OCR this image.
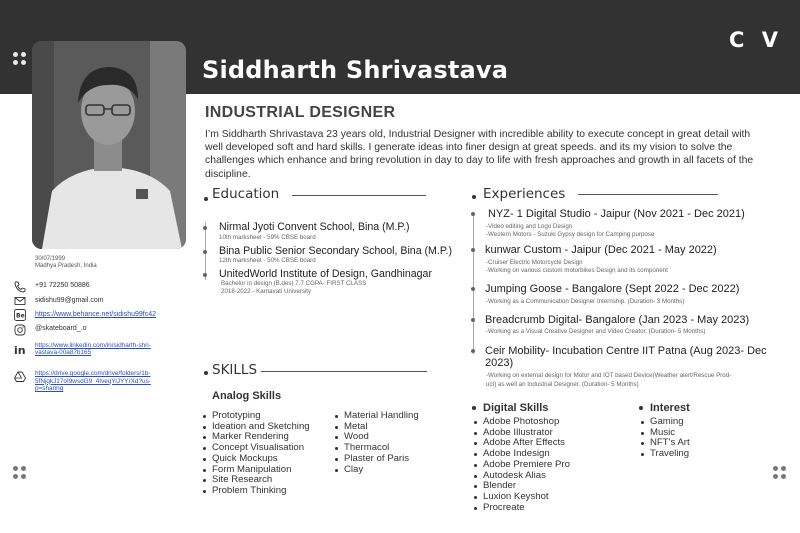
Siddharth Shrivastava
C V
30/07/1999
Madhya Pradesh, India
+91 72250 50886
sidishu99@gmail.com
Be https://www.behance.net/sidishu99fc42
@skateboard_.o
in https://www.linkedin.com/in/sidharth-shri-
vastava-00a87b165
https://drive.google.com/drive/folders/1b-
5fNjqkJ17oI9wsdG9_4IveqYiJYYrXd?us-
p=sharing
INDUSTRIAL DESIGNER
I’m Siddharth Shrivastava 23 years old, Industrial Designer with incredible ability to execute concept in great detail with well developed soft and hard skills. I generate ideas into finer design at great speeds. and its my vision to solve the challenges which enhance and bring revolution in day to day to life with fresh approaches and growth in all facets of the discipline.
Education
Nirmal Jyoti Convent School, Bina (M.P.)
10th marksheet - 59% CBSE board
Bina Public Senior Secondary School, Bina (M.P.)
12th marksheet - 50% CBSE board
UnitedWorld Institute of Design, Gandhinagar
Bachelor in design (B.des) 7.7 CGPA- FIRST CLASS
2018-2022 - Karnavati University
Experiences
NYZ- 1 Digital Studio - Jaipur (Nov 2021 - Dec 2021)
-Video editing and Logo Design
-Western Motors - Suzuki Gypsy design for Camping purpose
kunwar Custom - Jaipur (Dec 2021 - May 2022)
-Cruiser Electric Motorcycle Design
-Working on various custom motorbikes Design and its component
Jumping Goose - Bangalore (Sept 2022 - Dec 2022)
-Working as a Communication Designer Internship. (Duration- 3 Months)
Breadcrumb Digital- Bangalore (Jan 2023 - May 2023)
-Working as a Visual Creative Designer and Video Creator. (Duration- 5 Months)
Ceir Mobility- Incubation Centre IIT Patna (Aug 2023- Dec
2023)
-Working on external design for Motor and IOT based Device(Weather alert/Rescue Prod-
uct) as well an Industrial Designer. (Duration- 5 Months)
SKILLS
Analog Skills
Prototyping
Ideation and Sketching
Marker Rendering
Concept Visualisation
Quick Mockups
Form Manipulation
Site Research
Problem Thinking
Material Handling
Metal
Wood
Thermacol
Plaster of Paris
Clay
Digital Skills
Adobe Photoshop
Adobe Illustrator
Adobe After Effects
Adobe Indesign
Adobe Premiere Pro
Autodesk Alias
Blender
Luxion Keyshot
Procreate
Interest
Gaming
Music
NFT's Art
Traveling
